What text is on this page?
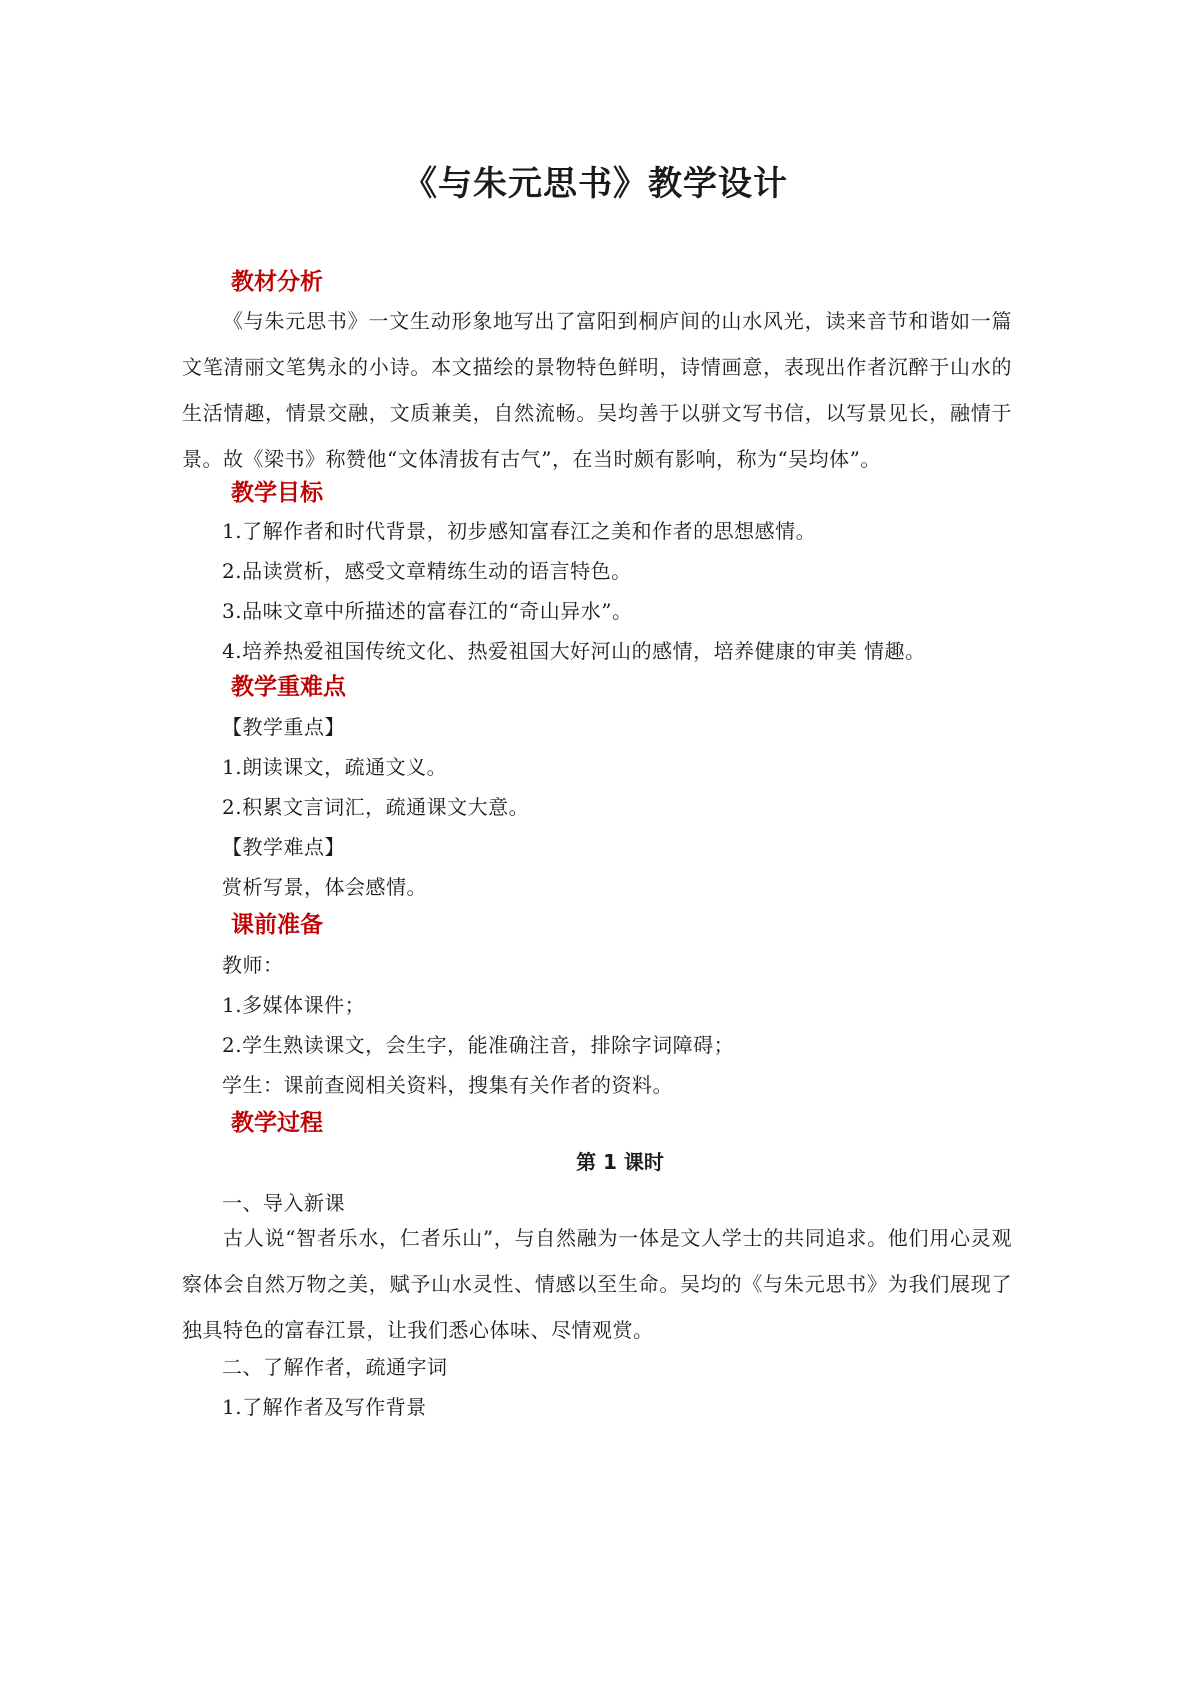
《与朱元思书》教学设计
教材分析
《与朱元思书》一文生动形象地写出了富阳到桐庐间的山水风光，读来音节和谐如一篇文笔清丽文笔隽永的小诗。本文描绘的景物特色鲜明，诗情画意，表现出作者沉醉于山水的生活情趣，情景交融，文质兼美，自然流畅。吴均善于以骈文写书信，以写景见长，融情于景。故《梁书》称赞他“文体清拔有古气”，在当时颇有影响，称为“吴均体”。
教学目标
1.了解作者和时代背景，初步感知富春江之美和作者的思想感情。
2.品读赏析，感受文章精练生动的语言特色。
3.品味文章中所描述的富春江的“奇山异水”。
4.培养热爱祖国传统文化、热爱祖国大好河山的感情，培养健康的审美 情趣。
教学重难点
【教学重点】
1.朗读课文，疏通文义。
2.积累文言词汇，疏通课文大意。
【教学难点】
赏析写景，体会感情。
课前准备
教师：
1.多媒体课件；
2.学生熟读课文，会生字，能准确注音，排除字词障碍；
学生：课前查阅相关资料，搜集有关作者的资料。
教学过程
第 1 课时
一、导入新课
古人说“智者乐水，仁者乐山”，与自然融为一体是文人学士的共同追求。他们用心灵观察体会自然万物之美，赋予山水灵性、情感以至生命。吴均的《与朱元思书》为我们展现了独具特色的富春江景，让我们悉心体味、尽情观赏。
二、了解作者，疏通字词
1.了解作者及写作背景
